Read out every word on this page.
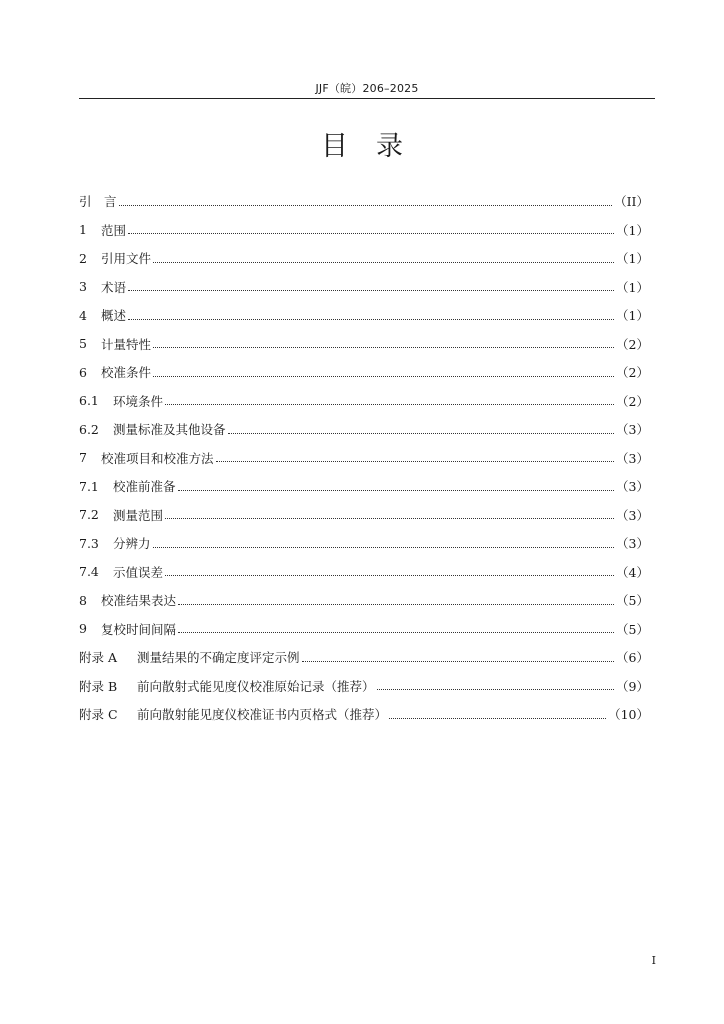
JJF（皖）206–2025
目 录
引 言	（II）
1	范围	（1）
2	引用文件	（1）
3	术语	（1）
4	概述	（1）
5	计量特性	（2）
6	校准条件	（2）
6.1	环境条件	（2）
6.2	测量标准及其他设备	（3）
7	校准项目和校准方法	（3）
7.1	校准前准备	（3）
7.2	测量范围	（3）
7.3	分辨力	（3）
7.4	示值误差	（4）
8	校准结果表达	（5）
9	复校时间间隔	（5）
附录 A	测量结果的不确定度评定示例	（6）
附录 B	前向散射式能见度仪校准原始记录（推荐）	（9）
附录 C	前向散射能见度仪校准证书内页格式（推荐）	（10）
I
